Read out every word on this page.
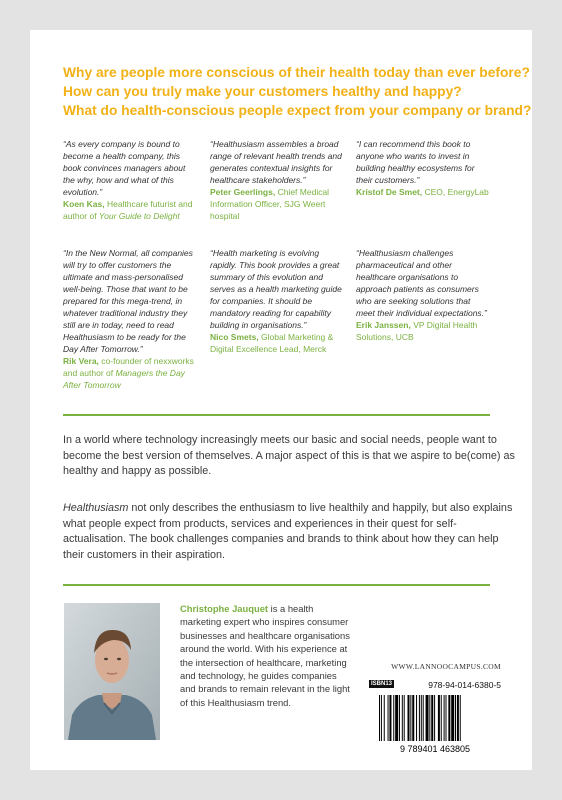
Why are people more conscious of their health today than ever before?
How can you truly make your customers healthy and happy?
What do health-conscious people expect from your company or brand?
“As every company is bound to become a health company, this book convinces managers about the why, how and what of this evolution.”
Koen Kas, Healthcare futurist and author of Your Guide to Delight
“Healthusiasm assembles a broad range of relevant health trends and generates contextual insights for healthcare stakeholders.”
Peter Geerlings, Chief Medical Information Officer, SJG Weert hospital
“I can recommend this book to anyone who wants to invest in building healthy ecosystems for their customers.”
Kristof De Smet, CEO, EnergyLab
“In the New Normal, all companies will try to offer customers the ultimate and mass-personalised well-being. Those that want to be prepared for this mega-trend, in whatever traditional industry they still are in today, need to read Healthusiasm to be ready for the Day After Tomorrow.”
Rik Vera, co-founder of nexxworks and author of Managers the Day After Tomorrow
“Health marketing is evolving rapidly. This book provides a great summary of this evolution and serves as a health marketing guide for companies. It should be mandatory reading for capability building in organisations.”
Nico Smets, Global Marketing & Digital Excellence Lead, Merck
“Healthusiasm challenges pharmaceutical and other healthcare organisations to approach patients as consumers who are seeking solutions that meet their individual expectations.”
Erik Janssen, VP Digital Health Solutions, UCB

In a world where technology increasingly meets our basic and social needs, people want to become the best version of themselves. A major aspect of this is that we aspire to be(come) as healthy and happy as possible.

Healthusiasm not only describes the enthusiasm to live healthily and happily, but also explains what people expect from products, services and experiences in their quest for self-actualisation. The book challenges companies and brands to think about how they can help their customers in their aspiration.

Christophe Jauquet is a health marketing expert who inspires consumer businesses and healthcare organisations around the world. With his experience at the intersection of healthcare, marketing and technology, he guides companies and brands to remain relevant in the light of this Healthusiasm trend.

WWW.LANNOOCAMPUS.COM
ISBN13	978-94-014-6380-5
9 789401 463805
